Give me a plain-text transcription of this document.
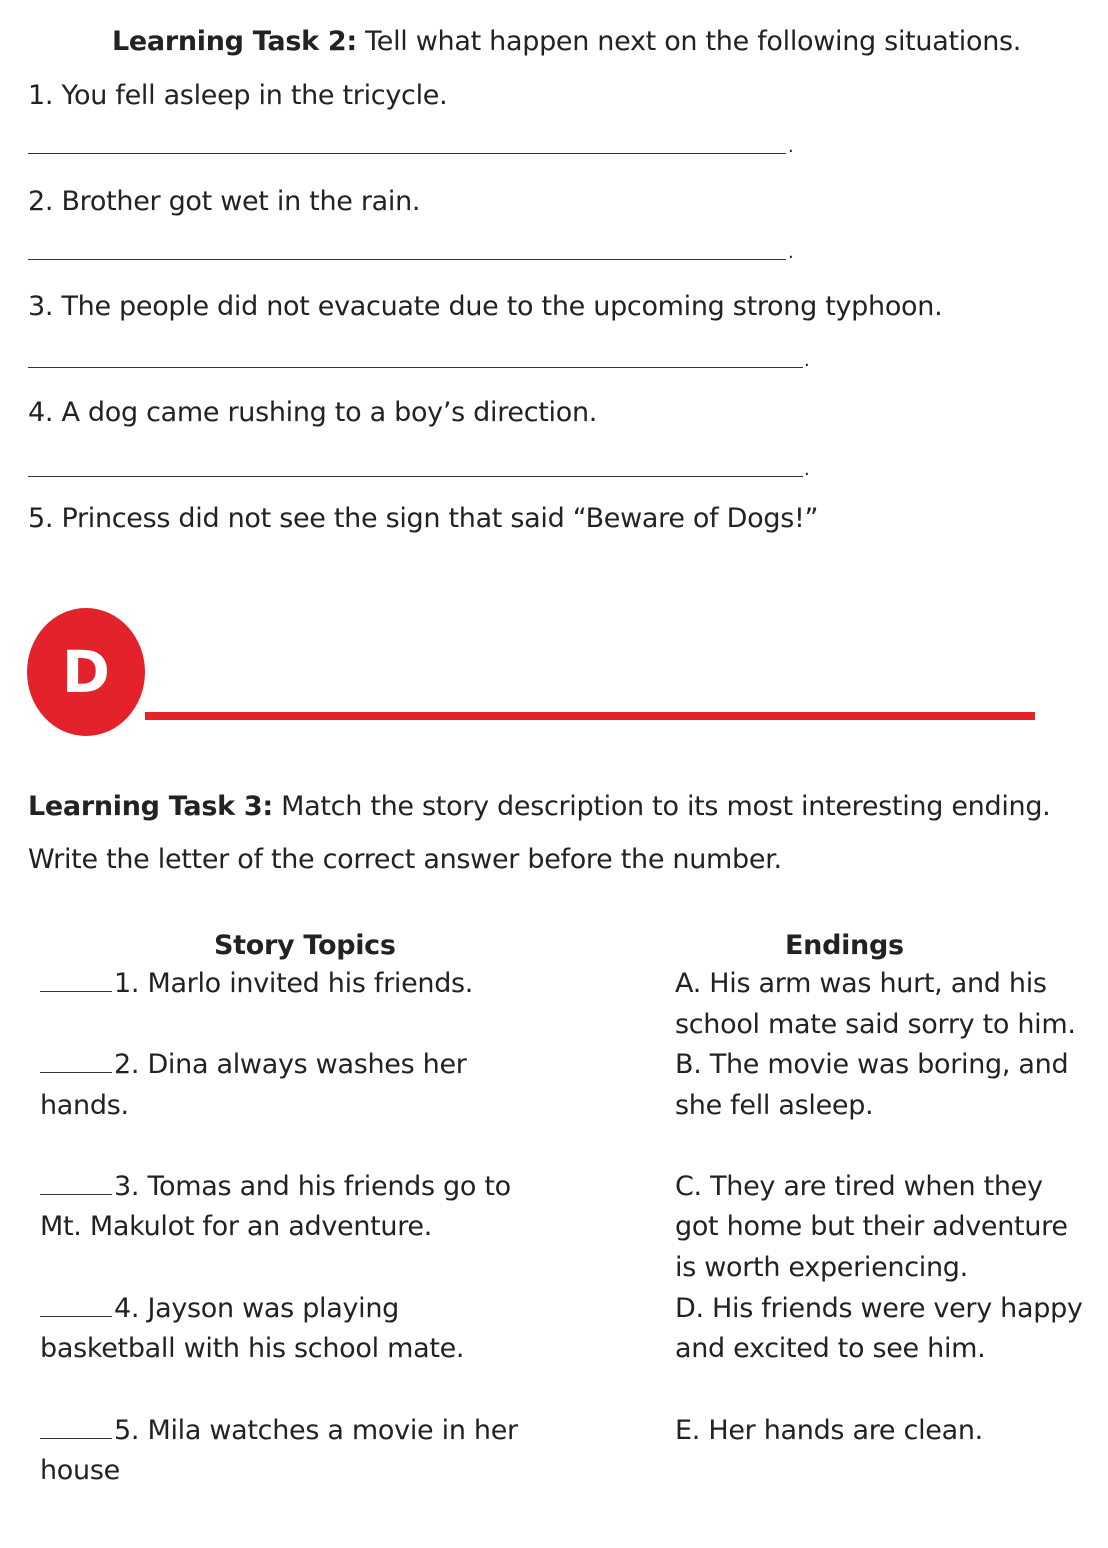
Learning Task 2: Tell what happen next on the following situations.
1. You fell asleep in the tricycle.
.
2. Brother got wet in the rain.
.
3. The people did not evacuate due to the upcoming strong typhoon.
.
4. A dog came rushing to a boy’s direction.
.
5. Princess did not see the sign that said “Beware of Dogs!”
D
Learning Task 3: Match the story description to its most interesting ending.
Write the letter of the correct answer before the number.
Story Topics	Endings
1. Marlo invited his friends.
2. Dina always washes her
hands.
3. Tomas and his friends go to
Mt. Makulot for an adventure.
4. Jayson was playing
basketball with his school mate.
5. Mila watches a movie in her
house
A. His arm was hurt, and his
school mate said sorry to him.
B. The movie was boring, and
she fell asleep.
C. They are tired when they
got home but their adventure
is worth experiencing.
D. His friends were very happy
and excited to see him.
E. Her hands are clean.
